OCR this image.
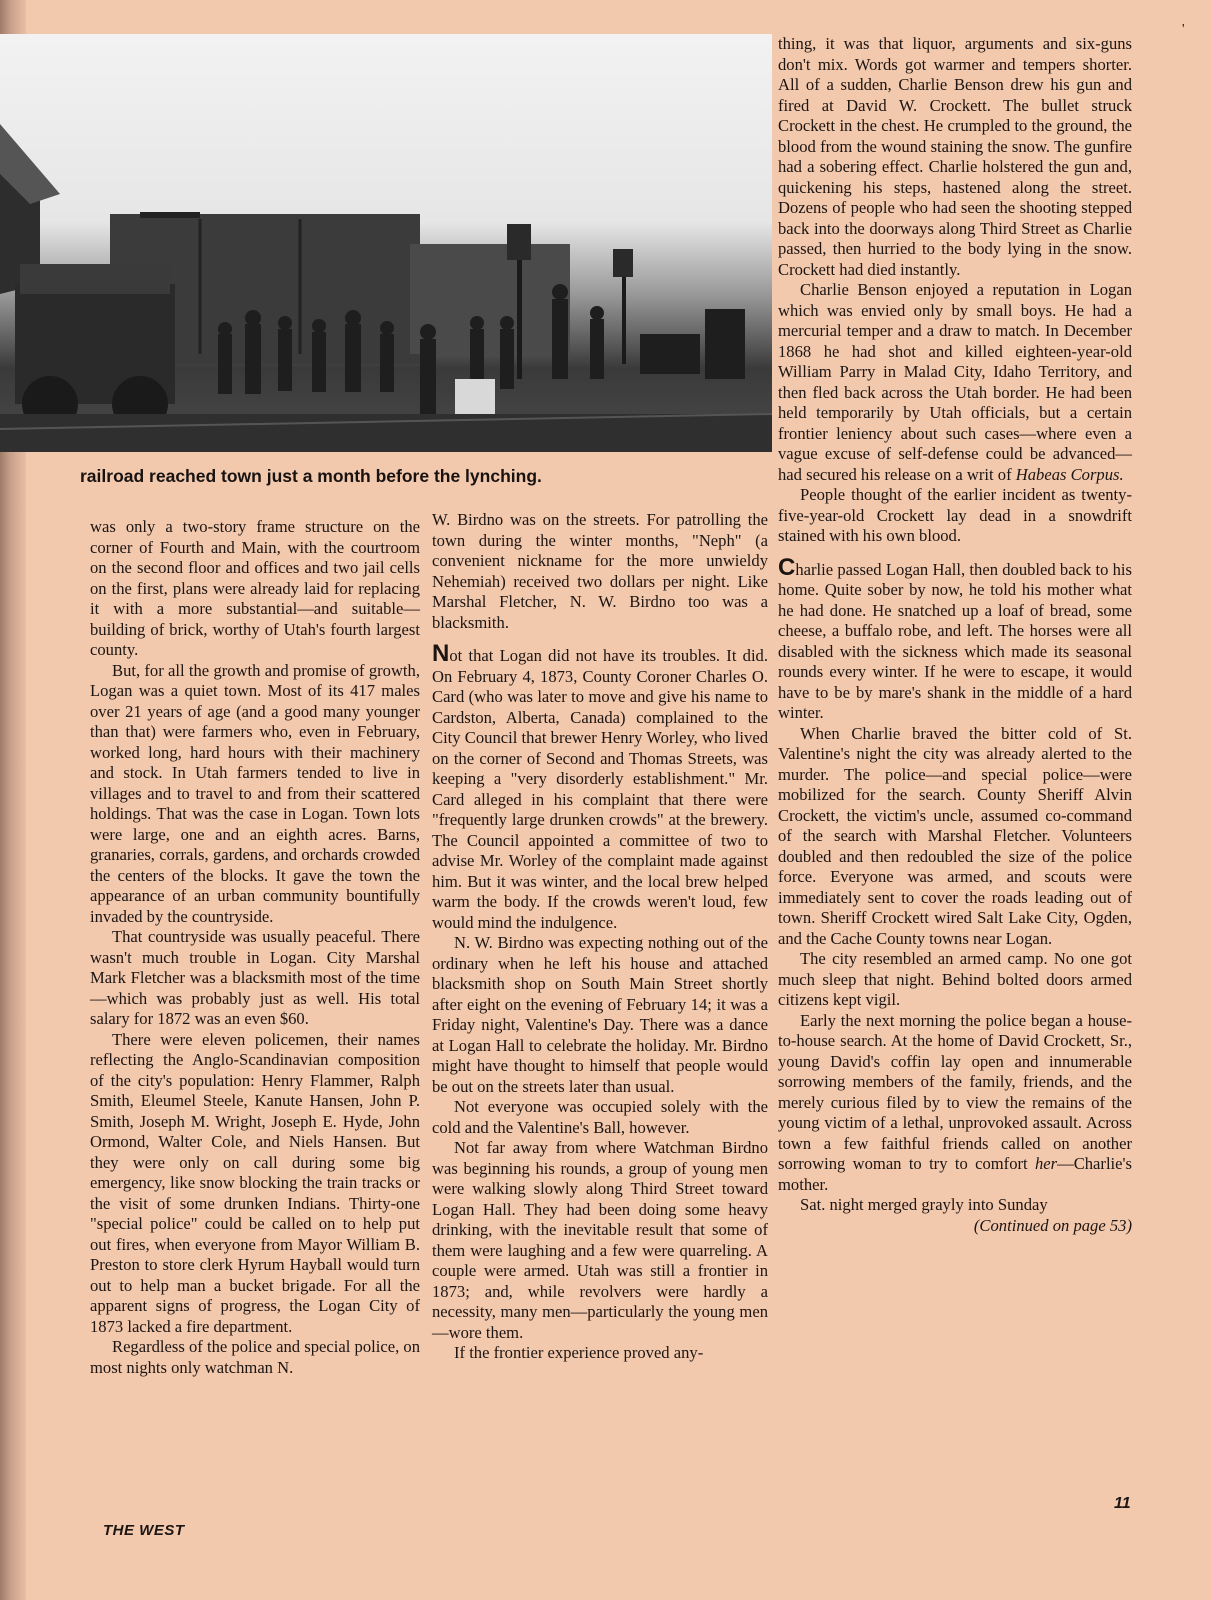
'
railroad reached town just a month before the lynching.

was only a two-story frame structure on the corner of Fourth and Main, with the courtroom on the second floor and offices and two jail cells on the first, plans were already laid for replacing it with a more substantial—and suitable—building of brick, worthy of Utah's fourth largest county.

But, for all the growth and promise of growth, Logan was a quiet town. Most of its 417 males over 21 years of age (and a good many younger than that) were farmers who, even in February, worked long, hard hours with their machinery and stock. In Utah farmers tended to live in villages and to travel to and from their scattered holdings. That was the case in Logan. Town lots were large, one and an eighth acres. Barns, granaries, corrals, gardens, and orchards crowded the centers of the blocks. It gave the town the appearance of an urban community bountifully invaded by the countryside.

That countryside was usually peaceful. There wasn't much trouble in Logan. City Marshal Mark Fletcher was a blacksmith most of the time—which was probably just as well. His total salary for 1872 was an even $60.

There were eleven policemen, their names reflecting the Anglo-Scandinavian composition of the city's population: Henry Flammer, Ralph Smith, Eleumel Steele, Kanute Hansen, John P. Smith, Joseph M. Wright, Joseph E. Hyde, John Ormond, Walter Cole, and Niels Hansen. But they were only on call during some big emergency, like snow blocking the train tracks or the visit of some drunken Indians. Thirty-one "special police" could be called on to help put out fires, when everyone from Mayor William B. Preston to store clerk Hyrum Hayball would turn out to help man a bucket brigade. For all the apparent signs of progress, the Logan City of 1873 lacked a fire department.

Regardless of the police and special police, on most nights only watchman N.

W. Birdno was on the streets. For patrolling the town during the winter months, "Neph" (a convenient nickname for the more unwieldy Nehemiah) received two dollars per night. Like Marshal Fletcher, N. W. Birdno too was a blacksmith.

Not that Logan did not have its troubles. It did. On February 4, 1873, County Coroner Charles O. Card (who was later to move and give his name to Cardston, Alberta, Canada) complained to the City Council that brewer Henry Worley, who lived on the corner of Second and Thomas Streets, was keeping a "very disorderly establishment." Mr. Card alleged in his complaint that there were "frequently large drunken crowds" at the brewery. The Council appointed a committee of two to advise Mr. Worley of the complaint made against him. But it was winter, and the local brew helped warm the body. If the crowds weren't loud, few would mind the indulgence.

N. W. Birdno was expecting nothing out of the ordinary when he left his house and attached blacksmith shop on South Main Street shortly after eight on the evening of February 14; it was a Friday night, Valentine's Day. There was a dance at Logan Hall to celebrate the holiday. Mr. Birdno might have thought to himself that people would be out on the streets later than usual.

Not everyone was occupied solely with the cold and the Valentine's Ball, however.

Not far away from where Watchman Birdno was beginning his rounds, a group of young men were walking slowly along Third Street toward Logan Hall. They had been doing some heavy drinking, with the inevitable result that some of them were laughing and a few were quarreling. A couple were armed. Utah was still a frontier in 1873; and, while revolvers were hardly a necessity, many men—particularly the young men—wore them.

If the frontier experience proved any-

thing, it was that liquor, arguments and six-guns don't mix. Words got warmer and tempers shorter. All of a sudden, Charlie Benson drew his gun and fired at David W. Crockett. The bullet struck Crockett in the chest. He crumpled to the ground, the blood from the wound staining the snow. The gunfire had a sobering effect. Charlie holstered the gun and, quickening his steps, hastened along the street. Dozens of people who had seen the shooting stepped back into the doorways along Third Street as Charlie passed, then hurried to the body lying in the snow. Crockett had died instantly.

Charlie Benson enjoyed a reputation in Logan which was envied only by small boys. He had a mercurial temper and a draw to match. In December 1868 he had shot and killed eighteen-year-old William Parry in Malad City, Idaho Territory, and then fled back across the Utah border. He had been held temporarily by Utah officials, but a certain frontier leniency about such cases—where even a vague excuse of self-defense could be advanced—had secured his release on a writ of Habeas Corpus.

People thought of the earlier incident as twenty-five-year-old Crockett lay dead in a snowdrift stained with his own blood.

Charlie passed Logan Hall, then doubled back to his home. Quite sober by now, he told his mother what he had done. He snatched up a loaf of bread, some cheese, a buffalo robe, and left. The horses were all disabled with the sickness which made its seasonal rounds every winter. If he were to escape, it would have to be by mare's shank in the middle of a hard winter.

When Charlie braved the bitter cold of St. Valentine's night the city was already alerted to the murder. The police—and special police—were mobilized for the search. County Sheriff Alvin Crockett, the victim's uncle, assumed co-command of the search with Marshal Fletcher. Volunteers doubled and then redoubled the size of the police force. Everyone was armed, and scouts were immediately sent to cover the roads leading out of town. Sheriff Crockett wired Salt Lake City, Ogden, and the Cache County towns near Logan.

The city resembled an armed camp. No one got much sleep that night. Behind bolted doors armed citizens kept vigil.

Early the next morning the police began a house-to-house search. At the home of David Crockett, Sr., young David's coffin lay open and innumerable sorrowing members of the family, friends, and the merely curious filed by to view the remains of the young victim of a lethal, unprovoked assault. Across town a few faithful friends called on another sorrowing woman to try to comfort her—Charlie's mother.

Sat. night merged grayly into Sunday

(Continued on page 53)
11
THE WEST
